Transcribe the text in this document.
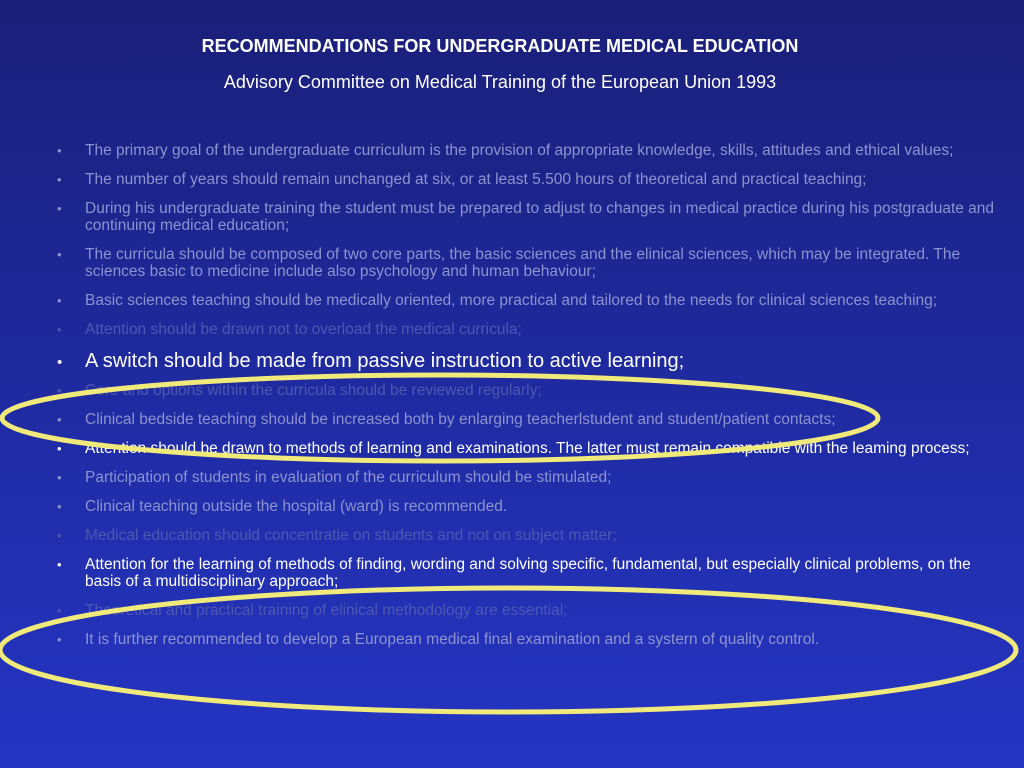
RECOMMENDATIONS FOR UNDERGRADUATE MEDICAL EDUCATION
Advisory Committee on Medical Training of the European Union 1993
• The primary goal of the undergraduate curriculum is the provision of appropriate knowledge, skills, attitudes and ethical values;
• The number of years should remain unchanged at six, or at least 5.500 hours of theoretical and practical teaching;
• During his undergraduate training the student must be prepared to adjust to changes in medical practice during his postgraduate and continuing medical education;
• The curricula should be composed of two core parts, the basic sciences and the elinical sciences, which may be integrated. The sciences basic to medicine include also psychology and human behaviour;
• Basic sciences teaching should be medically oriented, more practical and tailored to the needs for clinical sciences teaching;
• Attention should be drawn not to overload the medical curricula;
• A switch should be made from passive instruction to active learning;
• Core and options within the curricula should be reviewed regularly;
• Clinical bedside teaching should be increased both by enlarging teacherlstudent and student/patient contacts;
• Attention should be drawn to methods of learning and examinations. The latter must remain compatible with the leaming process;
• Participation of students in evaluation of the curriculum should be stimulated;
• Clinical teaching outside the hospital (ward) is recommended.
• Medical education should concentratie on students and not on subject matter;
• Attention for the learning of methods of finding, wording and solving specific, fundamental, but especially clinical problems, on the basis of a multidisciplinary approach;
• Theoretical and practical training of elinical methodology are essential;
• It is further recommended to develop a European medical final examination and a systern of quality control.
